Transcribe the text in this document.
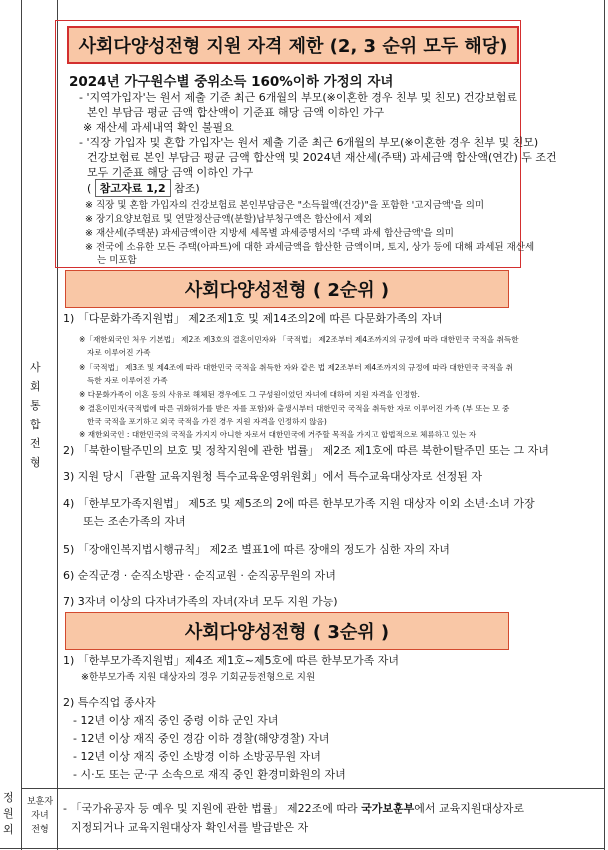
사
회
통
합
전
형
정
원
외
보훈자
자녀
전형
사회다양성전형 지원 자격 제한 (2, 3 순위 모두 해당)
2024년 가구원수별 중위소득 160%이하 가정의 자녀
- '지역가입자'는 원서 제출 기준 최근 6개월의 부모(※이혼한 경우 친부 및 친모) 건강보험료
본인 부담금 평균 금액 합산액이 기준표 해당 금액 이하인 가구
※ 재산세 과세내역 확인 불필요
- '직장 가입자 및 혼합 가입자'는 원서 제출 기준 최근 6개월의 부모(※이혼한 경우 친부 및 친모)
건강보험료 본인 부담금 평균 금액 합산액 및 2024년 재산세(주택) 과세금액 합산액(연간) 두 조건
모두 기준표 해당 금액 이하인 가구
( 참고자료 1,2 참조)
※ 직장 및 혼합 가입자의 건강보험료 본인부담금은 "소득월액(건강)"을 포함한 '고지금액'을 의미
※ 장기요양보험료 및 연말정산금액(분할)납부청구액은 합산에서 제외
※ 재산세(주택분) 과세금액이란 지방세 세목별 과세증명서의 '주택 과세 합산금액'을 의미
※ 전국에 소유한 모든 주택(아파트)에 대한 과세금액을 합산한 금액이며, 토지, 상가 등에 대해 과세된 재산세
는 미포함
사회다양성전형 ( 2순위 )
1) 「다문화가족지원법」 제2조제1호 및 제14조의2에 따른 다문화가족의 자녀
※「재한외국인 처우 기본법」 제2조 제3호의 결혼이민자와 「국적법」 제2조부터 제4조까지의 규정에 따라 대한민국 국적을 취득한
자로 이루어진 가족
※「국적법」 제3조 및 제4조에 따라 대한민국 국적을 취득한 자와 같은 법 제2조부터 제4조까지의 규정에 따라 대한민국 국적을 취
득한 자로 이루어진 가족
※ 다문화가족이 이혼 등의 사유로 해체된 경우에도 그 구성원이었던 자녀에 대하여 지원 자격을 인정함.
※ 결혼이민자(국적법에 따른 귀화허가를 받은 자를 포함)와 출생시부터 대한민국 국적을 취득한 자로 이루어진 가족 (부 또는 모 중
한국 국적을 포기하고 외국 국적을 가진 경우 지원 자격을 인정하지 않음)
※ 재한외국인 : 대한민국의 국적을 가지지 아니한 자로서 대한민국에 거주할 목적을 가지고 합법적으로 체류하고 있는 자
2) 「북한이탈주민의 보호 및 정착지원에 관한 법률」 제2조 제1호에 따른 북한이탈주민 또는 그 자녀
3) 지원 당시「관할 교육지원청 특수교육운영위원회」에서 특수교육대상자로 선정된 자
4) 「한부모가족지원법」 제5조 및 제5조의 2에 따른 한부모가족 지원 대상자 이외 소년·소녀 가장
또는 조손가족의 자녀
5) 「장애인복지법시행규칙」 제2조 별표1에 따른 장애의 정도가 심한 자의 자녀
6) 순직군경 · 순직소방관 · 순직교원 · 순직공무원의 자녀
7) 3자녀 이상의 다자녀가족의 자녀(자녀 모두 지원 가능)
사회다양성전형 ( 3순위 )
1) 「한부모가족지원법」제4조 제1호~제5호에 따른 한부모가족 자녀
※한부모가족 지원 대상자의 경우 기회균등전형으로 지원
2) 특수직업 종사자
- 12년 이상 재직 중인 중령 이하 군인 자녀
- 12년 이상 재직 중인 경감 이하 경찰(해양경찰) 자녀
- 12년 이상 재직 중인 소방경 이하 소방공무원 자녀
- 시·도 또는 군·구 소속으로 재직 중인 환경미화원의 자녀
- 「국가유공자 등 예우 및 지원에 관한 법률」 제22조에 따라 국가보훈부에서 교육지원대상자로
지정되거나 교육지원대상자 확인서를 발급받은 자
